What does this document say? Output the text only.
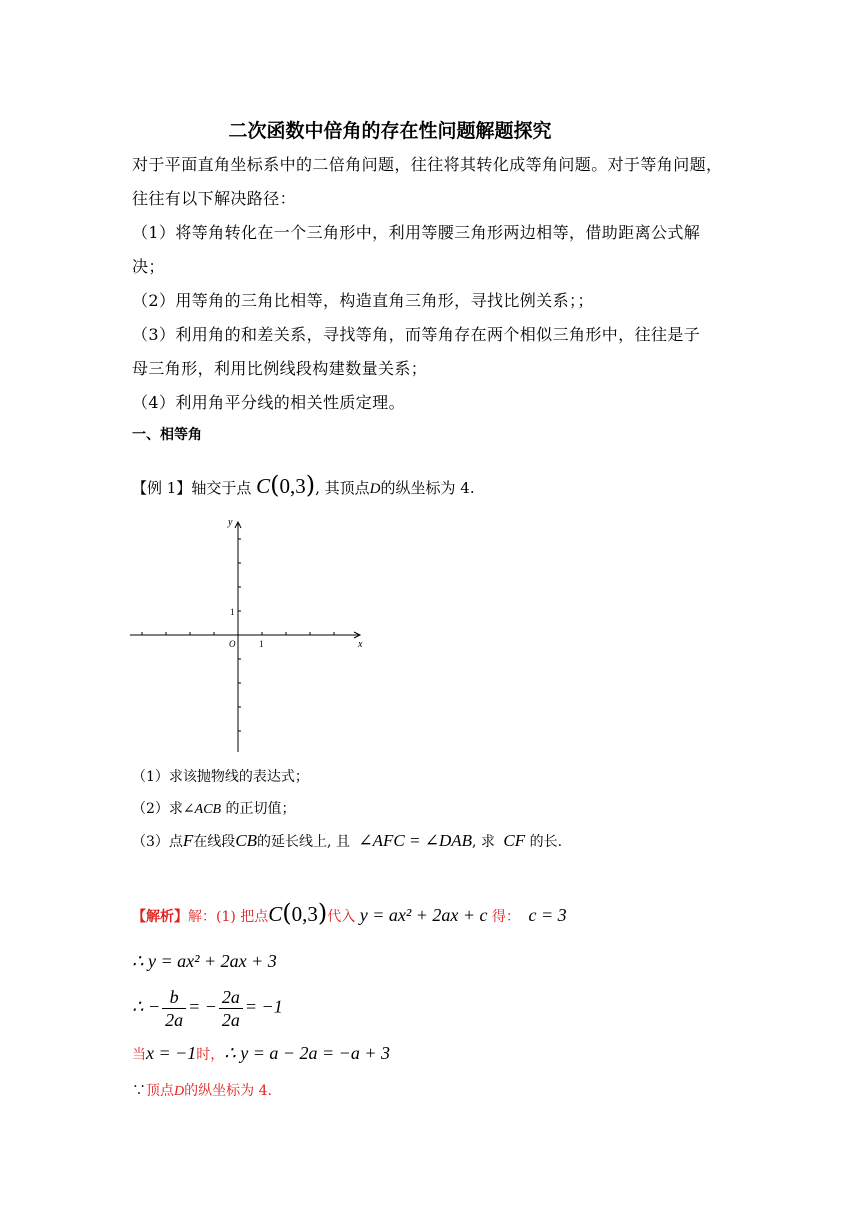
二次函数中倍角的存在性问题解题探究
对于平面直角坐标系中的二倍角问题，往往将其转化成等角问题。对于等角问题，
往往有以下解决路径：
（1）将等角转化在一个三角形中，利用等腰三角形两边相等，借助距离公式解
决；
（2）用等角的三角比相等，构造直角三角形，寻找比例关系；；
（3）利用角的和差关系，寻找等角，而等角存在两个相似三角形中，往往是子
母三角形，利用比例线段构建数量关系；
（4）利用角平分线的相关性质定理。
一、相等角
【例 1】轴交于点 C(0,3), 其顶点D的纵坐标为 4.
y
x
O	1
1
（1）求该抛物线的表达式；
（2）求∠ACB 的正切值；
（3）点F在线段CB的延长线上, 且 ∠AFC = ∠DAB, 求 CF 的长.
【解析】解：(1) 把点C(0,3)代入 y = ax² + 2ax + c 得： c = 3
∴ y = ax² + 2ax + 3
∴ − $\frac{b}{2a}$ = − $\frac{2a}{2a} = -1$
当x = −1时，∴ y = a − 2a = −a + 3
∵顶点D的纵坐标为 4.
